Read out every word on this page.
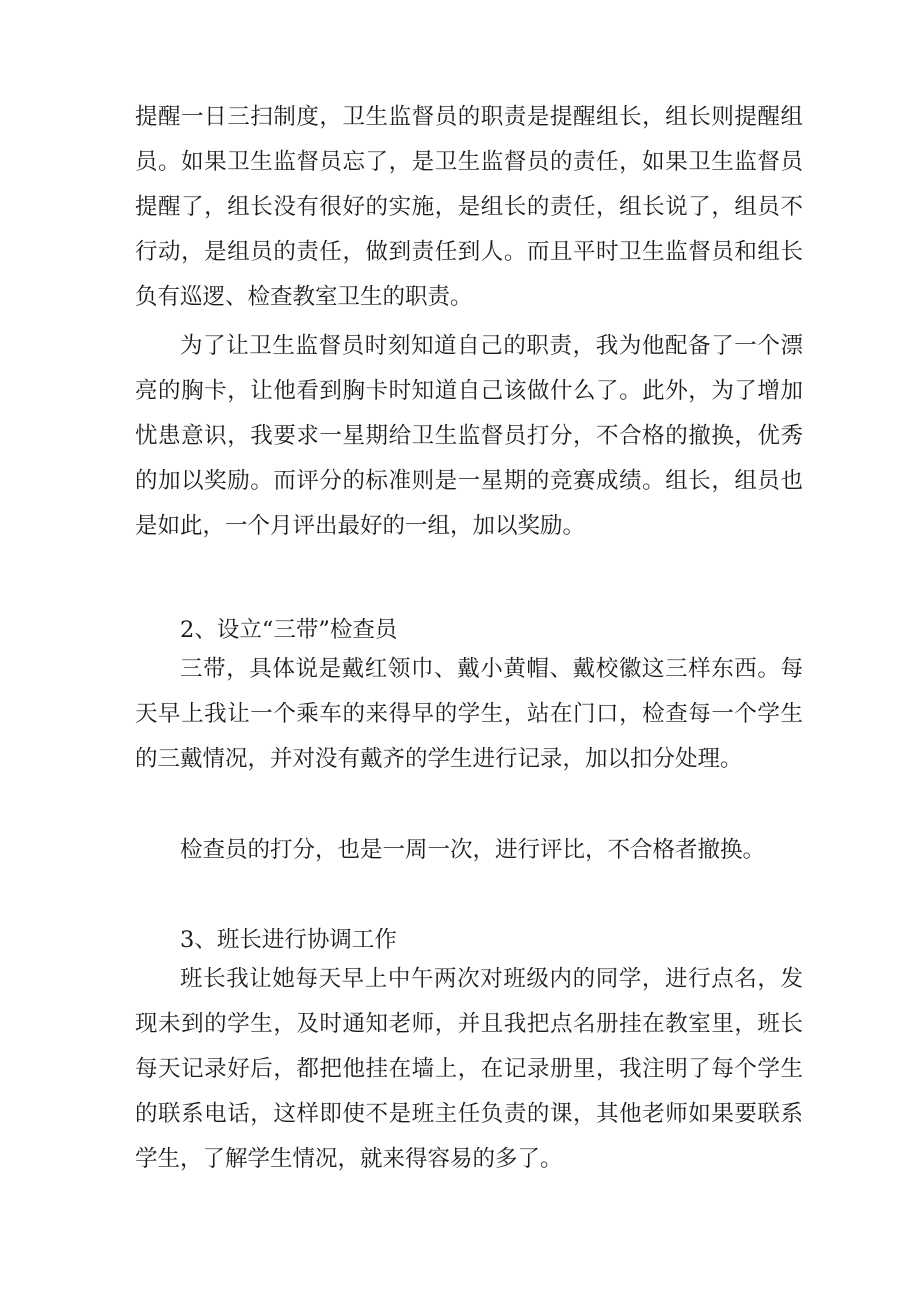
提醒一日三扫制度，卫生监督员的职责是提醒组长，组长则提醒组员。如果卫生监督员忘了，是卫生监督员的责任，如果卫生监督员提醒了，组长没有很好的实施，是组长的责任，组长说了，组员不行动，是组员的责任，做到责任到人。而且平时卫生监督员和组长负有巡逻、检查教室卫生的职责。

为了让卫生监督员时刻知道自己的职责，我为他配备了一个漂亮的胸卡，让他看到胸卡时知道自己该做什么了。此外，为了增加忧患意识，我要求一星期给卫生监督员打分，不合格的撤换，优秀的加以奖励。而评分的标准则是一星期的竞赛成绩。组长，组员也是如此，一个月评出最好的一组，加以奖励。

2、设立“三带”检查员

三带，具体说是戴红领巾、戴小黄帽、戴校徽这三样东西。每天早上我让一个乘车的来得早的学生，站在门口，检查每一个学生的三戴情况，并对没有戴齐的学生进行记录，加以扣分处理。

检查员的打分，也是一周一次，进行评比，不合格者撤换。

3、班长进行协调工作

班长我让她每天早上中午两次对班级内的同学，进行点名，发现未到的学生，及时通知老师，并且我把点名册挂在教室里，班长每天记录好后，都把他挂在墙上，在记录册里，我注明了每个学生的联系电话，这样即使不是班主任负责的课，其他老师如果要联系学生，了解学生情况，就来得容易的多了。
